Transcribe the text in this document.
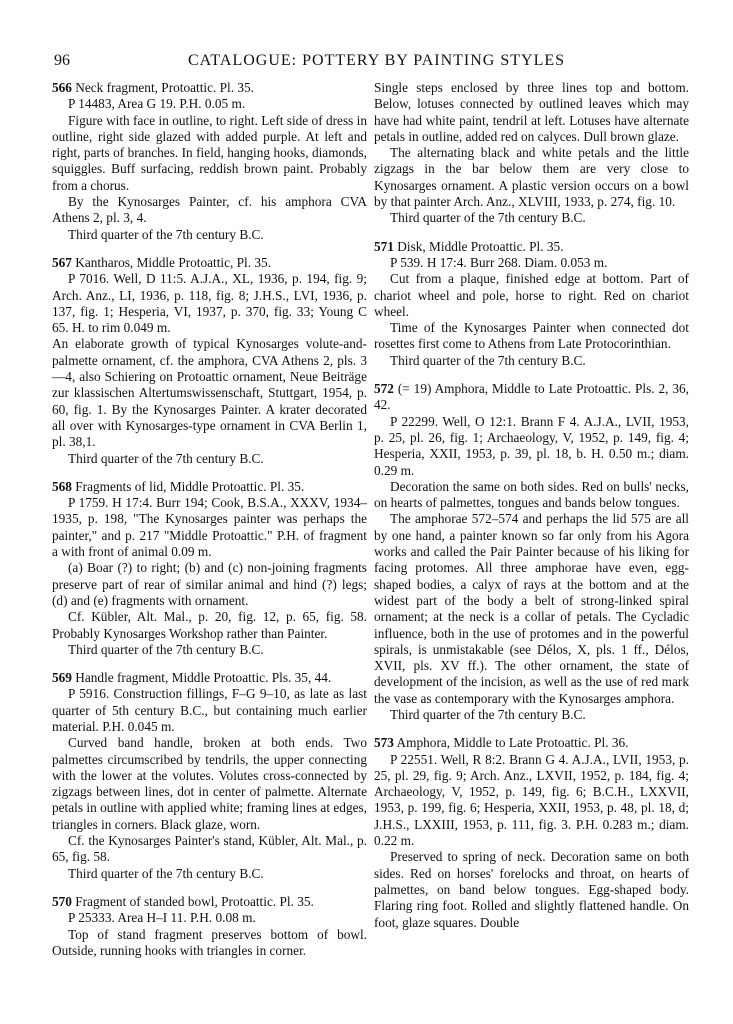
96	CATALOGUE: POTTERY BY PAINTING STYLES

566 Neck fragment, Protoattic. Pl. 35.

P 14483, Area G 19. P.H. 0.05 m.

Figure with face in outline, to right. Left side of dress in outline, right side glazed with added purple. At left and right, parts of branches. In field, hanging hooks, diamonds, squiggles. Buff surfacing, reddish brown paint. Probably from a chorus.

By the Kynosarges Painter, cf. his amphora CVA Athens 2, pl. 3, 4.

Third quarter of the 7th century B.C.

567 Kantharos, Middle Protoattic, Pl. 35.

P 7016. Well, D 11:5. A.J.A., XL, 1936, p. 194, fig. 9; Arch. Anz., LI, 1936, p. 118, fig. 8; J.H.S., LVI, 1936, p. 137, fig. 1; Hesperia, VI, 1937, p. 370, fig. 33; Young C 65. H. to rim 0.049 m.

An elaborate growth of typical Kynosarges volute-and-palmette ornament, cf. the amphora, CVA Athens 2, pls. 3—4, also Schiering on Protoattic ornament, Neue Beiträge zur klassischen Altertumswissenschaft, Stuttgart, 1954, p. 60, fig. 1. By the Kynosarges Painter. A krater decorated all over with Kynosarges-type ornament in CVA Berlin 1, pl. 38,1.

Third quarter of the 7th century B.C.

568 Fragments of lid, Middle Protoattic. Pl. 35.

P 1759. H 17:4. Burr 194; Cook, B.S.A., XXXV, 1934–1935, p. 198, "The Kynosarges painter was perhaps the painter," and p. 217 "Middle Protoattic." P.H. of fragment a with front of animal 0.09 m.

(a) Boar (?) to right; (b) and (c) non-joining fragments preserve part of rear of similar animal and hind (?) legs; (d) and (e) fragments with ornament.

Cf. Kübler, Alt. Mal., p. 20, fig. 12, p. 65, fig. 58. Probably Kynosarges Workshop rather than Painter.

Third quarter of the 7th century B.C.

569 Handle fragment, Middle Protoattic. Pls. 35, 44.

P 5916. Construction fillings, F–G 9–10, as late as last quarter of 5th century B.C., but containing much earlier material. P.H. 0.045 m.

Curved band handle, broken at both ends. Two palmettes circumscribed by tendrils, the upper connecting with the lower at the volutes. Volutes cross-connected by zigzags between lines, dot in center of palmette. Alternate petals in outline with applied white; framing lines at edges, triangles in corners. Black glaze, worn.

Cf. the Kynosarges Painter's stand, Kübler, Alt. Mal., p. 65, fig. 58.

Third quarter of the 7th century B.C.

570 Fragment of standed bowl, Protoattic. Pl. 35.

P 25333. Area H–I 11. P.H. 0.08 m.

Top of stand fragment preserves bottom of bowl. Outside, running hooks with triangles in corner.

Single steps enclosed by three lines top and bottom. Below, lotuses connected by outlined leaves which may have had white paint, tendril at left. Lotuses have alternate petals in outline, added red on calyces. Dull brown glaze.

The alternating black and white petals and the little zigzags in the bar below them are very close to Kynosarges ornament. A plastic version occurs on a bowl by that painter Arch. Anz., XLVIII, 1933, p. 274, fig. 10.

Third quarter of the 7th century B.C.

571 Disk, Middle Protoattic. Pl. 35.

P 539. H 17:4. Burr 268. Diam. 0.053 m.

Cut from a plaque, finished edge at bottom. Part of chariot wheel and pole, horse to right. Red on chariot wheel.

Time of the Kynosarges Painter when connected dot rosettes first come to Athens from Late Protocorinthian.

Third quarter of the 7th century B.C.

572 (= 19) Amphora, Middle to Late Protoattic. Pls. 2, 36, 42.

P 22299. Well, O 12:1. Brann F 4. A.J.A., LVII, 1953, p. 25, pl. 26, fig. 1; Archaeology, V, 1952, p. 149, fig. 4; Hesperia, XXII, 1953, p. 39, pl. 18, b. H. 0.50 m.; diam. 0.29 m.

Decoration the same on both sides. Red on bulls' necks, on hearts of palmettes, tongues and bands below tongues.

The amphorae 572–574 and perhaps the lid 575 are all by one hand, a painter known so far only from his Agora works and called the Pair Painter because of his liking for facing protomes. All three amphorae have even, egg-shaped bodies, a calyx of rays at the bottom and at the widest part of the body a belt of strong-linked spiral ornament; at the neck is a collar of petals. The Cycladic influence, both in the use of protomes and in the powerful spirals, is unmistakable (see Délos, X, pls. 1 ff., Délos, XVII, pls. XV ff.). The other ornament, the state of development of the incision, as well as the use of red mark the vase as contemporary with the Kynosarges amphora.

Third quarter of the 7th century B.C.

573 Amphora, Middle to Late Protoattic. Pl. 36.

P 22551. Well, R 8:2. Brann G 4. A.J.A., LVII, 1953, p. 25, pl. 29, fig. 9; Arch. Anz., LXVII, 1952, p. 184, fig. 4; Archaeology, V, 1952, p. 149, fig. 6; B.C.H., LXXVII, 1953, p. 199, fig. 6; Hesperia, XXII, 1953, p. 48, pl. 18, d; J.H.S., LXXIII, 1953, p. 111, fig. 3. P.H. 0.283 m.; diam. 0.22 m.

Preserved to spring of neck. Decoration same on both sides. Red on horses' forelocks and throat, on hearts of palmettes, on band below tongues. Egg-shaped body. Flaring ring foot. Rolled and slightly flattened handle. On foot, glaze squares. Double
